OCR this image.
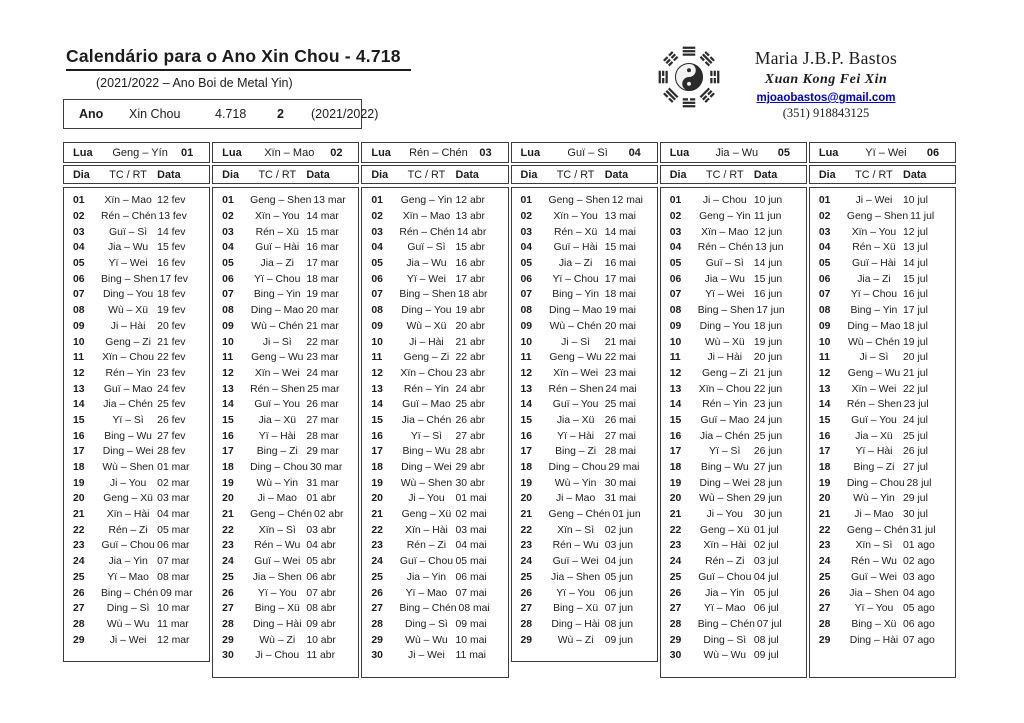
Calendário para o Ano Xin Chou - 4.718
(2021/2022 – Ano Boi de Metal Yin)
Maria J.B.P. Bastos
Xuan Kong Fei Xin
mjoaobastos@gmail.com
(351) 918843125
Ano	Xin Chou	4.718	2	(2021/2022)
Lua	Geng – Yín	01
Dia	TC / RT Data
01	Xïn – Mao 12 fev
02	Rén – Chén 13 fev
03	Guï – Sì 14 fev
04	Jia – Wu 15 fev
05	Yï – Wei 16 fev
06	Bing – Shen 17 fev
07	Ding – You 18 fev
08	Wù – Xü 19 fev
09	Ji – Hài	20 fev
10	Geng – Zi 21 fev
11	Xïn – Chou 22 fev
12	Rén – Yin 23 fev
13	Guï – Mao 24 fev
14	Jia – Chén 25 fev
15	Yï – Sì	26 fev
16	Bing – Wu 27 fev
17	Ding – Wei 28 fev
18	Wù – Shen 01 mar
19	Ji – You	02 mar
20	Geng – Xü 03 mar
21	Xïn – Hài 04 mar
22	Rén – Zi 05 mar
23	Guï – Chou 06 mar
24	Jia – Yin 07 mar
25	Yï – Mao 08 mar
26	Bing – Chén 09 mar
27	Ding – Sì 10 mar
28	Wù – Wu 11 mar
29	Ji – Wei	12 mar
Lua	Xïn – Mao	02
Dia	TC / RT Data
01	Geng – Shen 13 mar
02	Xïn – You 14 mar
03	Rén – Xü 15 mar
04	Guï – Hài 16 mar
05	Jia – Zi	17 mar
06	Yï – Chou 18 mar
07	Bing – Yin 19 mar
08	Ding – Mao 20 mar
09	Wù – Chén 21 mar
10	Ji – Sì	22 mar
11	Geng – Wu 23 mar
12	Xïn – Wei 24 mar
13	Rén – Shen 25 mar
14	Guï – You 26 mar
15	Jia – Xü 27 mar
16	Yï – Hài	28 mar
17	Bing – Zi 29 mar
18	Ding – Chou 30 mar
19	Wù – Yin 31 mar
20	Ji – Mao 01 abr
21	Geng – Chén 02 abr
22	Xïn – Sì	03 abr
23	Rén – Wu 04 abr
24	Guï – Wei 05 abr
25	Jia – Shen 06 abr
26	Yï – You 07 abr
27	Bing – Xü 08 abr
28	Ding – Hài 09 abr
29	Wù – Zi	10 abr
30	Ji – Chou 11 abr
Lua	Rén – Chén	03
Dia	TC / RT Data
01	Geng – Yin 12 abr
02	Xïn – Mao 13 abr
03	Rén – Chén 14 abr
04	Guï – Sì 15 abr
05	Jia – Wu 16 abr
06	Yï – Wei 17 abr
07	Bing – Shen 18 abr
08	Ding – You 19 abr
09	Wù – Xü 20 abr
10	Ji – Hài	21 abr
11	Geng – Zi 22 abr
12	Xïn – Chou 23 abr
13	Rén – Yin 24 abr
14	Guï – Mao 25 abr
15	Jia – Chén 26 abr
16	Yï – Sì	27 abr
17	Bing – Wu 28 abr
18	Ding – Wei 29 abr
19	Wù – Shen 30 abr
20	Ji – You	01 mai
21	Geng – Xü 02 mai
22	Xïn – Hài 03 mai
23	Rén – Zi 04 mai
24	Guï – Chou 05 mai
25	Jia – Yin 06 mai
26	Yï – Mao 07 mai
27	Bing – Chén 08 mai
28	Ding – Sì 09 mai
29	Wù – Wu 10 mai
30	Ji – Wei	11 mai
Lua	Guï – Sì	04
Dia	TC / RT Data
01	Geng – Shen 12 mai
02	Xïn – You 13 mai
03	Rén – Xü 14 mai
04	Guï – Hài 15 mai
05	Jia – Zi	16 mai
06	Yï – Chou 17 mai
07	Bing – Yin 18 mai
08	Ding – Mao 19 mai
09	Wù – Chén 20 mai
10	Ji – Sì	21 mai
11	Geng – Wu 22 mai
12	Xïn – Wei 23 mai
13	Rén – Shen 24 mai
14	Guï – You 25 mai
15	Jia – Xü 26 mai
16	Yï – Hài	27 mai
17	Bing – Zi 28 mai
18	Ding – Chou 29 mai
19	Wù – Yin 30 mai
20	Ji – Mao 31 mai
21	Geng – Chén 01 jun
22	Xïn – Sì	02 jun
23	Rén – Wu 03 jun
24	Guï – Wei 04 jun
25	Jia – Shen 05 jun
26	Yï – You 06 jun
27	Bing – Xü 07 jun
28	Ding – Hài 08 jun
29	Wù – Zi	09 jun
Lua	Jia – Wu	05
Dia	TC / RT Data
01	Ji – Chou 10 jun
02	Geng – Yin 11 jun
03	Xïn – Mao 12 jun
04	Rén – Chén 13 jun
05	Guï – Sì 14 jun
06	Jia – Wu 15 jun
07	Yï – Wei 16 jun
08	Bing – Shen 17 jun
09	Ding – You 18 jun
10	Wù – Xü 19 jun
11	Ji – Hài	20 jun
12	Geng – Zi 21 jun
13	Xïn – Chou 22 jun
14	Rén – Yin 23 jun
15	Guï – Mao 24 jun
16	Jia – Chén 25 jun
17	Yï – Sì	26 jun
18	Bing – Wu 27 jun
19	Ding – Wei 28 jun
20	Wù – Shen 29 jun
21	Ji – You	30 jun
22	Geng – Xü 01 jul
23	Xïn – Hài 02 jul
24	Rén – Zi 03 jul
25	Guï – Chou 04 jul
26	Jia – Yin 05 jul
27	Yï – Mao 06 jul
28	Bing – Chén 07 jul
29	Ding – Sì 08 jul
30	Wù – Wu 09 jul
Lua	Yï – Wei	06
Dia	TC / RT Data
01	Ji – Wei	10 jul
02	Geng – Shen 11 jul
03	Xïn – You 12 jul
04	Rén – Xü 13 jul
05	Guï – Hài 14 jul
06	Jia – Zi	15 jul
07	Yï – Chou 16 jul
08	Bing – Yin 17 jul
09	Ding – Mao 18 jul
10	Wù – Chén 19 jul
11	Ji – Sì	20 jul
12	Geng – Wu 21 jul
13	Xïn – Wei 22 jul
14	Rén – Shen 23 jul
15	Guï – You 24 jul
16	Jia – Xü 25 jul
17	Yï – Hài	26 jul
18	Bing – Zi 27 jul
19	Ding – Chou 28 jul
20	Wù – Yin 29 jul
21	Ji – Mao 30 jul
22	Geng – Chén 31 jul
23	Xïn – Sì	01 ago
24	Rén – Wu 02 ago
25	Guï – Wei 03 ago
26	Jia – Shen 04 ago
27	Yï – You 05 ago
28	Bing – Xü 06 ago
29	Ding – Hài 07 ago
